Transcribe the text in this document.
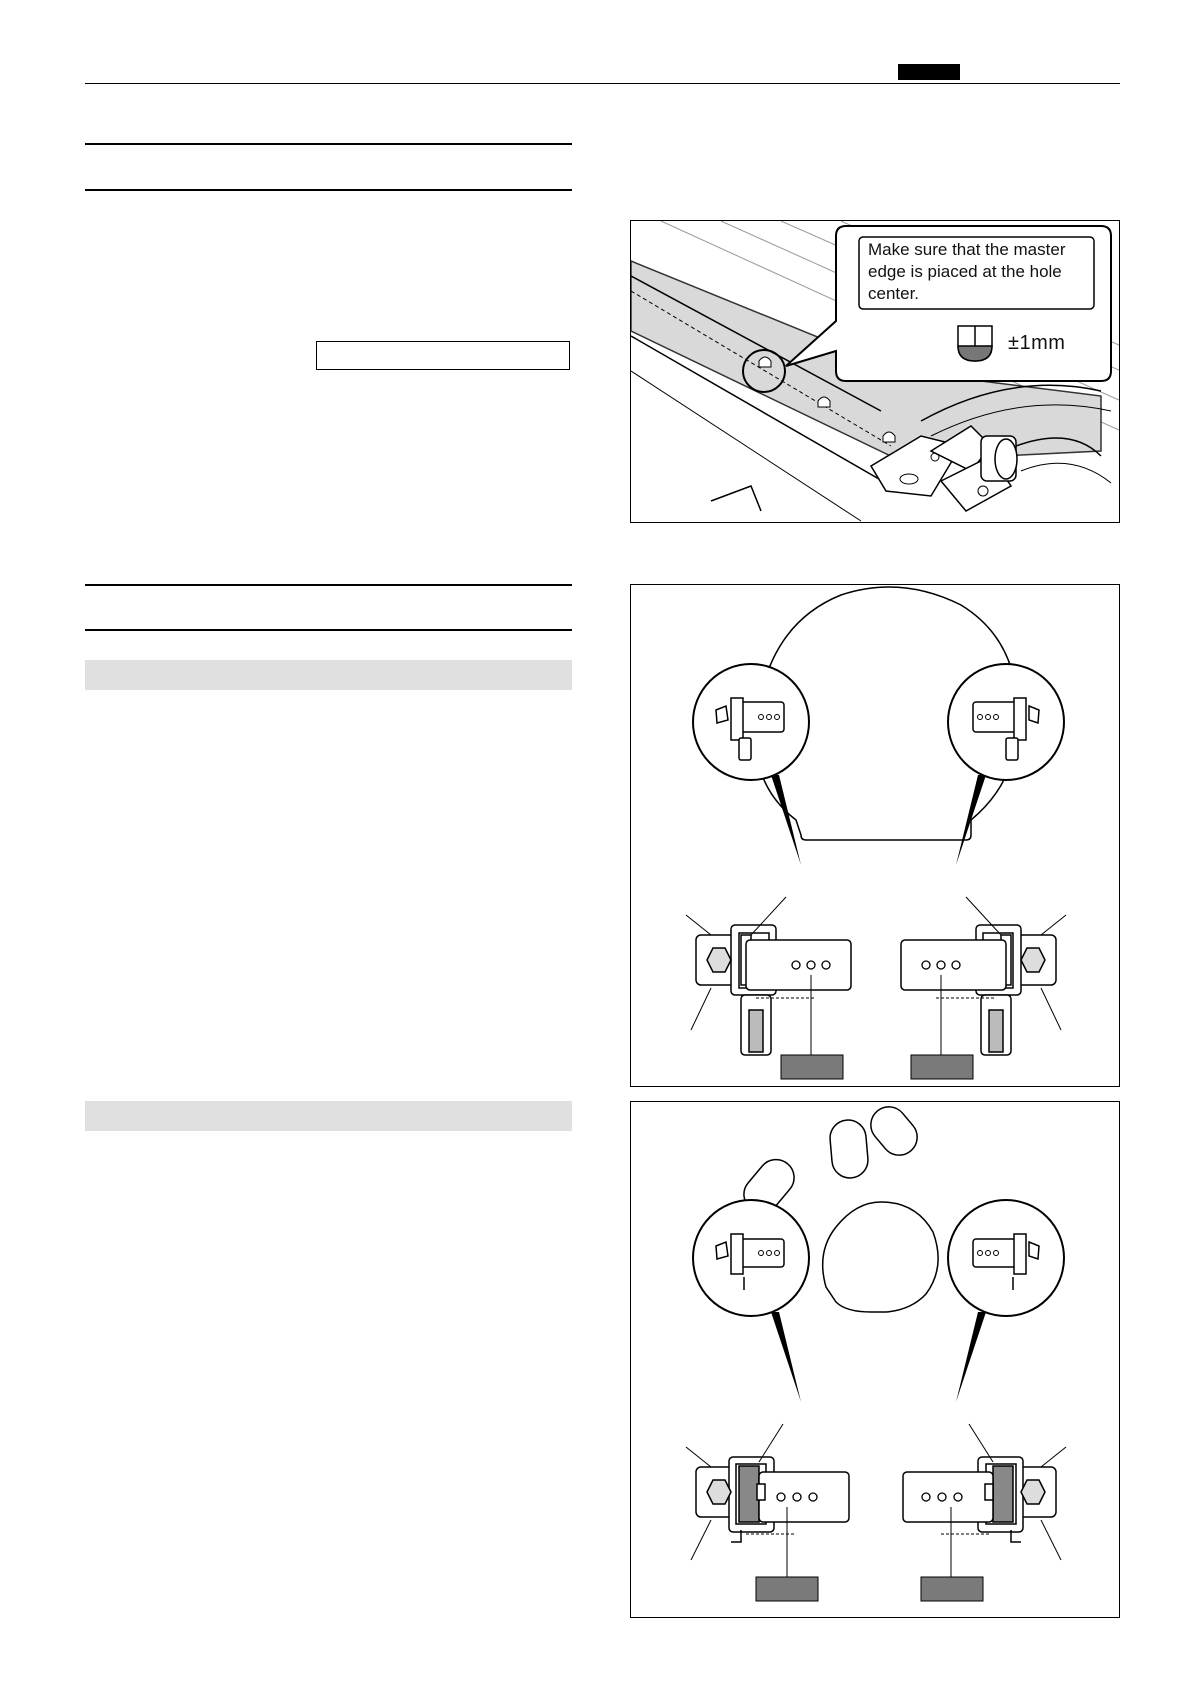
Make sure that the master edge is piaced at the hole center.
±1mm
